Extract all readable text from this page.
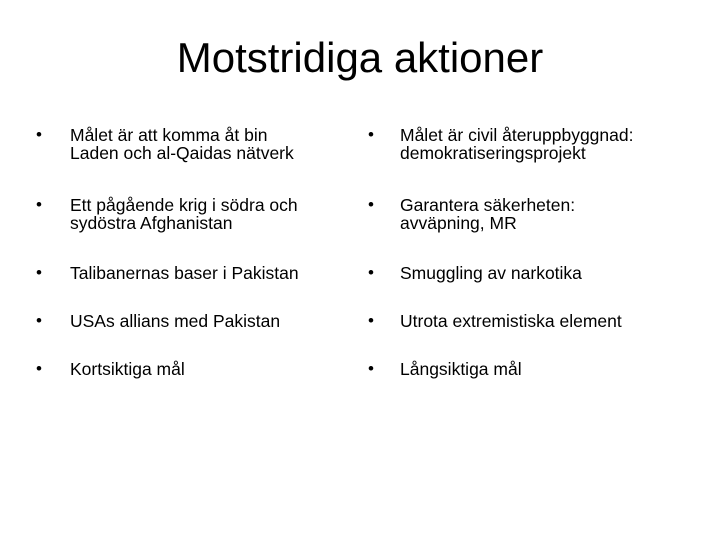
Motstridiga aktioner
• Målet är att komma åt bin
Laden och al-Qaidas nätverk
• Ett pågående krig i södra och
sydöstra Afghanistan
• Talibanernas baser i Pakistan
• USAs allians med Pakistan
• Kortsiktiga mål
• Målet är civil återuppbyggnad:
demokratiseringsprojekt
• Garantera säkerheten:
avväpning, MR
• Smuggling av narkotika
• Utrota extremistiska element
• Långsiktiga mål
